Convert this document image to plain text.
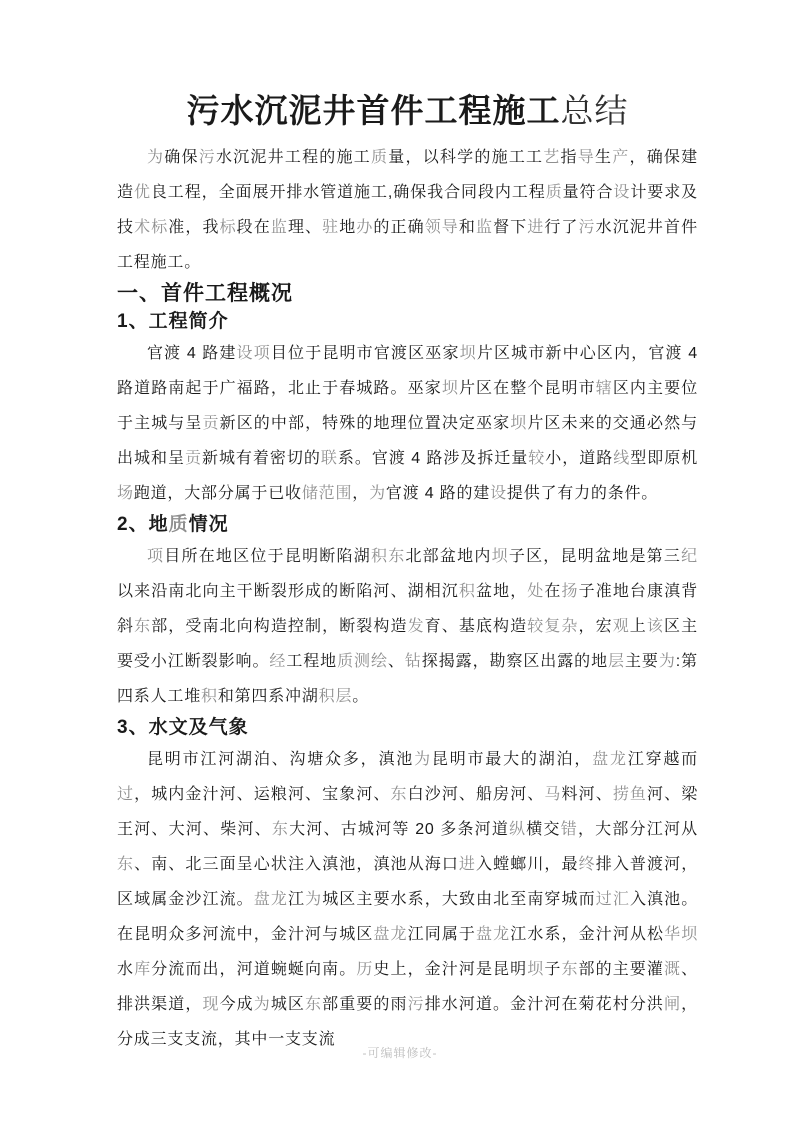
污水沉泥井首件工程施工总结

为确保污水沉泥井工程的施工质量，以科学的施工工艺指导生产，确保建造优良工程，全面展开排水管道施工,确保我合同段内工程质量符合设计要求及技术标准，我标段在监理、驻地办的正确领导和监督下进行了污水沉泥井首件工程施工。

一、首件工程概况
1、工程简介

官渡 4 路建设项目位于昆明市官渡区巫家坝片区城市新中心区内，官渡 4 路道路南起于广福路，北止于春城路。巫家坝片区在整个昆明市辖区内主要位于主城与呈贡新区的中部，特殊的地理位置决定巫家坝片区未来的交通必然与出城和呈贡新城有着密切的联系。官渡 4 路涉及拆迁量较小，道路线型即原机场跑道，大部分属于已收储范围，为官渡 4 路的建设提供了有力的条件。

2、地质情况

项目所在地区位于昆明断陷湖积东北部盆地内坝子区，昆明盆地是第三纪以来沿南北向主干断裂形成的断陷河、湖相沉积盆地，处在扬子准地台康滇背斜东部，受南北向构造控制，断裂构造发育、基底构造较复杂，宏观上该区主要受小江断裂影响。经工程地质测绘、钻探揭露，勘察区出露的地层主要为:第四系人工堆积和第四系冲湖积层。

3、水文及气象

昆明市江河湖泊、沟塘众多，滇池为昆明市最大的湖泊，盘龙江穿越而过，城内金汁河、运粮河、宝象河、东白沙河、船房河、马料河、捞鱼河、梁王河、大河、柴河、东大河、古城河等 20 多条河道纵横交错，大部分江河从东、南、北三面呈心状注入滇池，滇池从海口进入螳螂川，最终排入普渡河，区域属金沙江流。盘龙江为城区主要水系，大致由北至南穿城而过汇入滇池。在昆明众多河流中，金汁河与城区盘龙江同属于盘龙江水系，金汁河从松华坝水库分流而出，河道蜿蜒向南。历史上，金汁河是昆明坝子东部的主要灌溉、排洪渠道，现今成为城区东部重要的雨污排水河道。金汁河在菊花村分洪闸，分成三支支流，其中一支支流

-可编辑修改-
